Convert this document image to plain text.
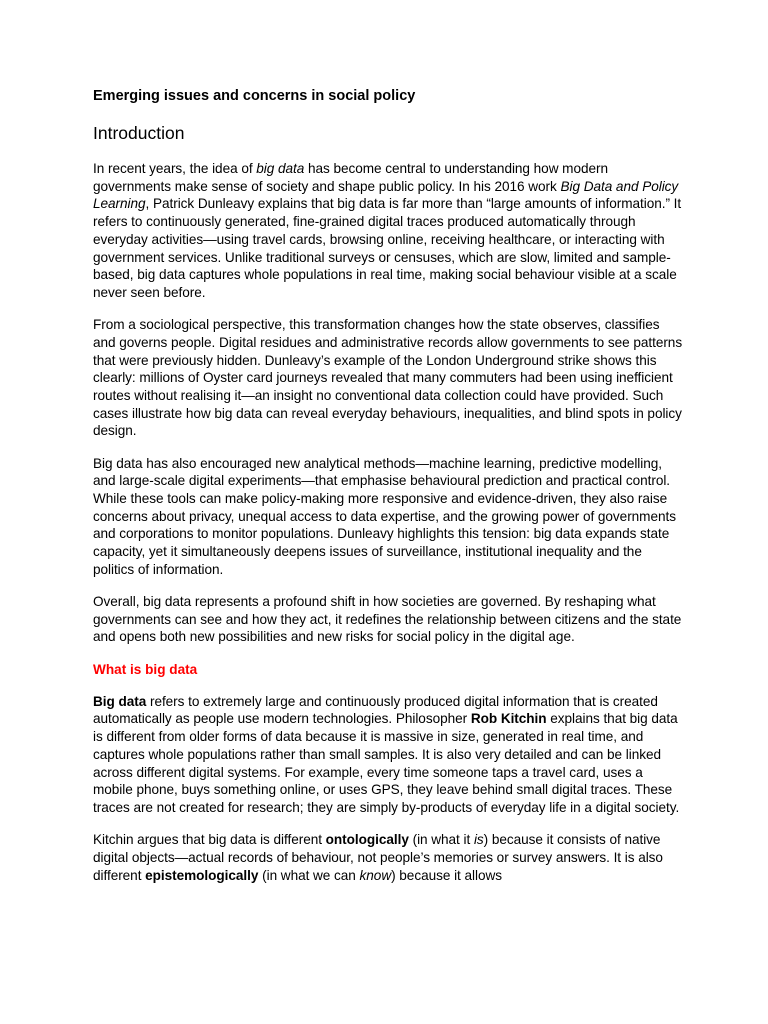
Emerging issues and concerns in social policy
Introduction

In recent years, the idea of big data has become central to understanding how modern governments make sense of society and shape public policy. In his 2016 work Big Data and Policy Learning, Patrick Dunleavy explains that big data is far more than “large amounts of information.” It refers to continuously generated, fine-grained digital traces produced automatically through everyday activities—using travel cards, browsing online, receiving healthcare, or interacting with government services. Unlike traditional surveys or censuses, which are slow, limited and sample-based, big data captures whole populations in real time, making social behaviour visible at a scale never seen before.

From a sociological perspective, this transformation changes how the state observes, classifies and governs people. Digital residues and administrative records allow governments to see patterns that were previously hidden. Dunleavy’s example of the London Underground strike shows this clearly: millions of Oyster card journeys revealed that many commuters had been using inefficient routes without realising it—an insight no conventional data collection could have provided. Such cases illustrate how big data can reveal everyday behaviours, inequalities, and blind spots in policy design.

Big data has also encouraged new analytical methods—machine learning, predictive modelling, and large-scale digital experiments—that emphasise behavioural prediction and practical control. While these tools can make policy-making more responsive and evidence-driven, they also raise concerns about privacy, unequal access to data expertise, and the growing power of governments and corporations to monitor populations. Dunleavy highlights this tension: big data expands state capacity, yet it simultaneously deepens issues of surveillance, institutional inequality and the politics of information.

Overall, big data represents a profound shift in how societies are governed. By reshaping what governments can see and how they act, it redefines the relationship between citizens and the state and opens both new possibilities and new risks for social policy in the digital age.

What is big data

Big data refers to extremely large and continuously produced digital information that is created automatically as people use modern technologies. Philosopher Rob Kitchin explains that big data is different from older forms of data because it is massive in size, generated in real time, and captures whole populations rather than small samples. It is also very detailed and can be linked across different digital systems. For example, every time someone taps a travel card, uses a mobile phone, buys something online, or uses GPS, they leave behind small digital traces. These traces are not created for research; they are simply by-products of everyday life in a digital society.

Kitchin argues that big data is different ontologically (in what it is) because it consists of native digital objects—actual records of behaviour, not people’s memories or survey answers. It is also different epistemologically (in what we can know) because it allows
